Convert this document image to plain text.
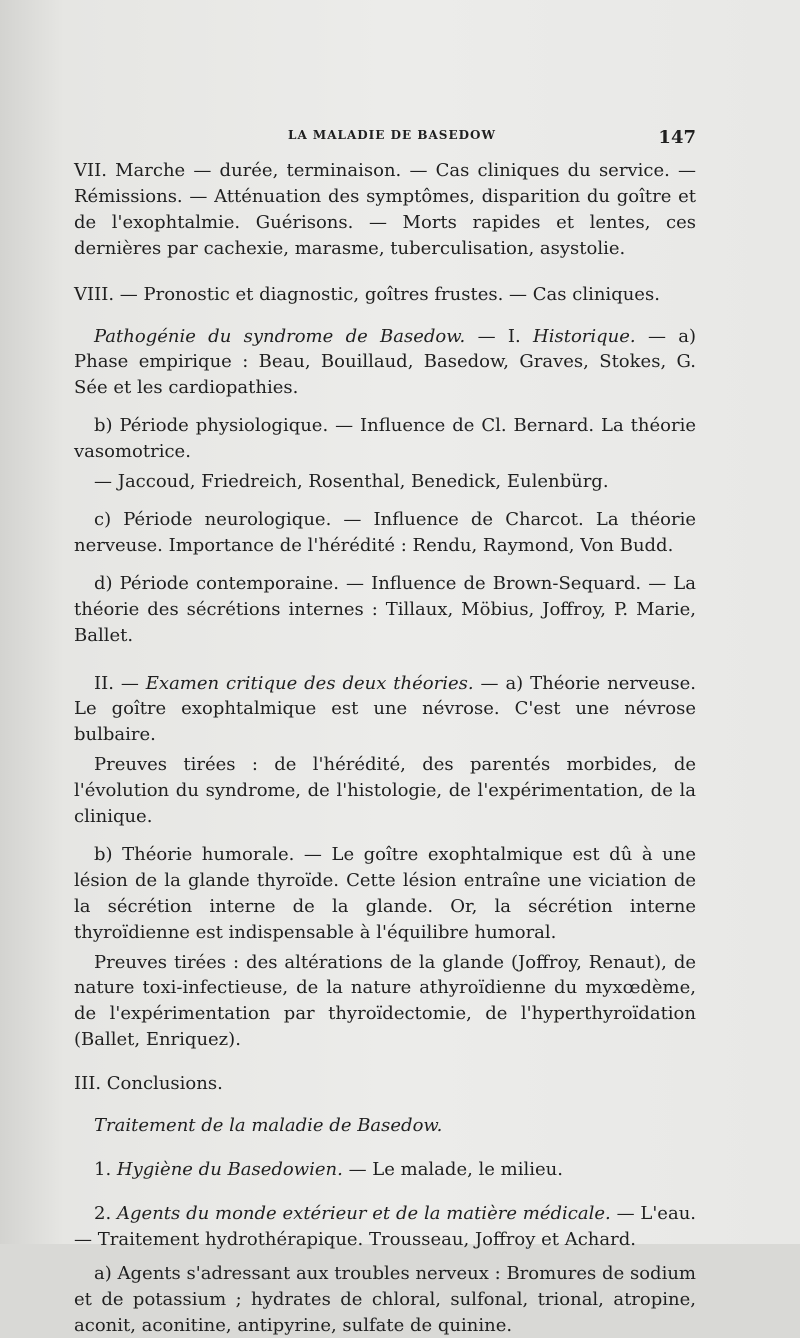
LA MALADIE DE BASEDOW	147

VII. Marche — durée, terminaison. — Cas cliniques du service. — Rémissions. — Atténuation des symptômes, disparition du goître et de l'exophtalmie. Guérisons. — Morts rapides et lentes, ces dernières par cachexie, marasme, tuberculisation, asystolie.

VIII. — Pronostic et diagnostic, goîtres frustes. — Cas cliniques.

Pathogénie du syndrome de Basedow. — I. Historique. — a) Phase empirique : Beau, Bouillaud, Basedow, Graves, Stokes, G. Sée et les cardiopathies.

b) Période physiologique. — Influence de Cl. Bernard. La théorie vasomotrice.

— Jaccoud, Friedreich, Rosenthal, Benedick, Eulenbürg.

c) Période neurologique. — Influence de Charcot. La théorie nerveuse. Importance de l'hérédité : Rendu, Raymond, Von Budd.

d) Période contemporaine. — Influence de Brown-Sequard. — La théorie des sécrétions internes : Tillaux, Möbius, Joffroy, P. Marie, Ballet.

II. — Examen critique des deux théories. — a) Théorie nerveuse. Le goître exophtalmique est une névrose. C'est une névrose bulbaire.

Preuves tirées : de l'hérédité, des parentés morbides, de l'évolution du syndrome, de l'histologie, de l'expérimentation, de la clinique.

b) Théorie humorale. — Le goître exophtalmique est dû à une lésion de la glande thyroïde. Cette lésion entraîne une viciation de la sécrétion interne de la glande. Or, la sécrétion interne thyroïdienne est indispensable à l'équilibre humoral.

Preuves tirées : des altérations de la glande (Joffroy, Renaut), de nature toxi-infectieuse, de la nature athyroïdienne du myxœdème, de l'expérimentation par thyroïdectomie, de l'hyperthyroïdation (Ballet, Enriquez).

III. Conclusions.

Traitement de la maladie de Basedow.

1. Hygiène du Basedowien. — Le malade, le milieu.

2. Agents du monde extérieur et de la matière médicale. — L'eau. — Traitement hydrothérapique. Trousseau, Joffroy et Achard.

a) Agents s'adressant aux troubles nerveux : Bromures de sodium et de potassium ; hydrates de chloral, sulfonal, trional, atropine, aconit, aconitine, antipyrine, sulfate de quinine.
